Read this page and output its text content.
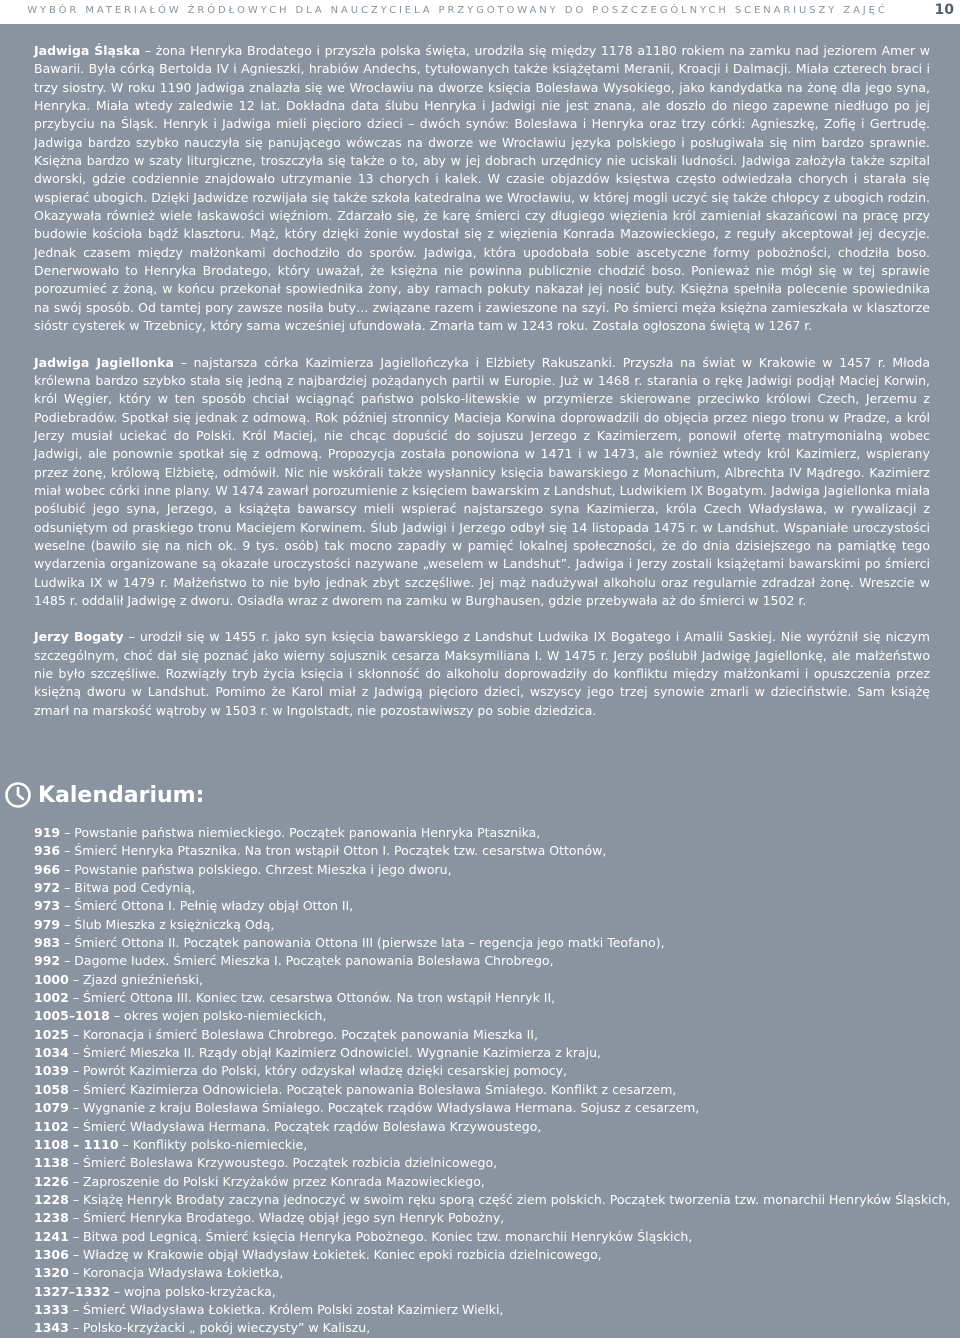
WYBÓR MATERIAŁÓW ŹRÓDŁOWYCH DLA NAUCZYCIELA PRZYGOTOWANY DO POSZCZEGÓLNYCH SCENARIUSZY ZAJĘĆ	10

Jadwiga Śląska – żona Henryka Brodatego i przyszła polska święta, urodziła się między 1178 a1180 rokiem na zamku nad jeziorem Amer w Bawarii. Była córką Bertolda IV i Agnieszki, hrabiów Andechs, tytułowanych także książętami Meranii, Kroacji i Dalmacji. Miała czterech braci i trzy siostry. W roku 1190 Jadwiga znalazła się we Wrocławiu na dworze księcia Bolesława Wysokiego, jako kandydatka na żonę dla jego syna, Henryka. Miała wtedy zaledwie 12 lat. Dokładna data ślubu Henryka i Jadwigi nie jest znana, ale doszło do niego zapewne niedługo po jej przybyciu na Śląsk. Henryk i Jadwiga mieli pięcioro dzieci – dwóch synów: Bolesława i Henryka oraz trzy córki: Agnieszkę, Zofię i Gertrudę. Jadwiga bardzo szybko nauczyła się panującego wówczas na dworze we Wrocławiu języka polskiego i posługiwała się nim bardzo sprawnie. Księżna bardzo w szaty liturgiczne, troszczyła się także o to, aby w jej dobrach urzędnicy nie uciskali ludności. Jadwiga założyła także szpital dworski, gdzie codziennie znajdowało utrzymanie 13 chorych i kalek. W czasie objazdów księstwa często odwiedzała chorych i starała się wspierać ubogich. Dzięki Jadwidze rozwijała się także szkoła katedralna we Wrocławiu, w której mogli uczyć się także chłopcy z ubogich rodzin. Okazywała również wiele łaskawości więźniom. Zdarzało się, że karę śmierci czy długiego więzienia król zamieniał skazańcowi na pracę przy budowie kościoła bądź klasztoru. Mąż, który dzięki żonie wydostał się z więzienia Konrada Mazowieckiego, z reguły akceptował jej decyzje. Jednak czasem między małżonkami dochodziło do sporów. Jadwiga, która upodobała sobie ascetyczne formy pobożności, chodziła boso. Denerwowało to Henryka Brodatego, który uważał, że księżna nie powinna publicznie chodzić boso. Ponieważ nie mógł się w tej sprawie porozumieć z żoną, w końcu przekonał spowiednika żony, aby ramach pokuty nakazał jej nosić buty. Księżna spełniła polecenie spowiednika na swój sposób. Od tamtej pory zawsze nosiła buty… związane razem i zawieszone na szyi. Po śmierci męża księżna zamieszkała w klasztorze sióstr cysterek w Trzebnicy, który sama wcześniej ufundowała. Zmarła tam w 1243 roku. Została ogłoszona świętą w 1267 r.

Jadwiga Jagiellonka – najstarsza córka Kazimierza Jagiellończyka i Elżbiety Rakuszanki. Przyszła na świat w Krakowie w 1457 r. Młoda królewna bardzo szybko stała się jedną z najbardziej pożądanych partii w Europie. Już w 1468 r. starania o rękę Jadwigi podjął Maciej Korwin, król Węgier, który w ten sposób chciał wciągnąć państwo polsko-litewskie w przymierze skierowane przeciwko królowi Czech, Jerzemu z Podiebradów. Spotkał się jednak z odmową. Rok później stronnicy Macieja Korwina doprowadzili do objęcia przez niego tronu w Pradze, a król Jerzy musiał uciekać do Polski. Król Maciej, nie chcąc dopuścić do sojuszu Jerzego z Kazimierzem, ponowił ofertę matrymonialną wobec Jadwigi, ale ponownie spotkał się z odmową. Propozycja została ponowiona w 1471 i w 1473, ale również wtedy król Kazimierz, wspierany przez żonę, królową Elżbietę, odmówił. Nic nie wskórali także wysłannicy księcia bawarskiego z Monachium, Albrechta IV Mądrego. Kazimierz miał wobec córki inne plany. W 1474 zawarł porozumienie z księciem bawarskim z Landshut, Ludwikiem IX Bogatym. Jadwiga Jagiellonka miała poślubić jego syna, Jerzego, a książęta bawarscy mieli wspierać najstarszego syna Kazimierza, króla Czech Władysława, w rywalizacji z odsuniętym od praskiego tronu Maciejem Korwinem. Ślub Jadwigi i Jerzego odbył się 14 listopada 1475 r. w Landshut. Wspaniałe uroczystości weselne (bawiło się na nich ok. 9 tys. osób) tak mocno zapadły w pamięć lokalnej społeczności, że do dnia dzisiejszego na pamiątkę tego wydarzenia organizowane są okazałe uroczystości nazywane „weselem w Landshut”. Jadwiga i Jerzy zostali książętami bawarskimi po śmierci Ludwika IX w 1479 r. Małżeństwo to nie było jednak zbyt szczęśliwe. Jej mąż nadużywał alkoholu oraz regularnie zdradzał żonę. Wreszcie w 1485 r. oddalił Jadwigę z dworu. Osiadła wraz z dworem na zamku w Burghausen, gdzie przebywała aż do śmierci w 1502 r.

Jerzy Bogaty – urodził się w 1455 r. jako syn księcia bawarskiego z Landshut Ludwika IX Bogatego i Amalii Saskiej. Nie wyróżnił się niczym szczególnym, choć dał się poznać jako wierny sojusznik cesarza Maksymiliana I. W 1475 r. Jerzy poślubił Jadwigę Jagiellonkę, ale małżeństwo nie było szczęśliwe. Rozwiązły tryb życia księcia i skłonność do alkoholu doprowadziły do konfliktu między małżonkami i opuszczenia przez księżną dworu w Landshut. Pomimo że Karol miał z Jadwigą pięcioro dzieci, wszyscy jego trzej synowie zmarli w dzieciństwie. Sam książę zmarł na marskość wątroby w 1503 r. w Ingolstadt, nie pozostawiwszy po sobie dziedzica.

Kalendarium:
919 – Powstanie państwa niemieckiego. Początek panowania Henryka Ptasznika,
936 – Śmierć Henryka Ptasznika. Na tron wstąpił Otton I. Początek tzw. cesarstwa Ottonów,
966 – Powstanie państwa polskiego. Chrzest Mieszka i jego dworu,
972 – Bitwa pod Cedynią,
973 – Śmierć Ottona I. Pełnię władzy objął Otton II,
979 – Ślub Mieszka z księżniczką Odą,
983 – Śmierć Ottona II. Początek panowania Ottona III (pierwsze lata – regencja jego matki Teofano),
992 – Dagome Iudex. Śmierć Mieszka I. Początek panowania Bolesława Chrobrego,
1000 – Zjazd gnieźnieński,
1002 – Śmierć Ottona III. Koniec tzw. cesarstwa Ottonów. Na tron wstąpił Henryk II,
1005–1018 – okres wojen polsko-niemieckich,
1025 – Koronacja i śmierć Bolesława Chrobrego. Początek panowania Mieszka II,
1034 – Śmierć Mieszka II. Rządy objął Kazimierz Odnowiciel. Wygnanie Kazimierza z kraju,
1039 – Powrót Kazimierza do Polski, który odzyskał władzę dzięki cesarskiej pomocy,
1058 – Śmierć Kazimierza Odnowiciela. Początek panowania Bolesława Śmiałego. Konflikt z cesarzem,
1079 – Wygnanie z kraju Bolesława Śmiałego. Początek rządów Władysława Hermana. Sojusz z cesarzem,
1102 – Śmierć Władysława Hermana. Początek rządów Bolesława Krzywoustego,
1108 – 1110 – Konflikty polsko-niemieckie,
1138 – Śmierć Bolesława Krzywoustego. Początek rozbicia dzielnicowego,
1226 – Zaproszenie do Polski Krzyżaków przez Konrada Mazowieckiego,
1228 – Książę Henryk Brodaty zaczyna jednoczyć w swoim ręku sporą część ziem polskich. Początek tworzenia tzw. monarchii Henryków Śląskich,
1238 – Śmierć Henryka Brodatego. Władzę objął jego syn Henryk Pobożny,
1241 – Bitwa pod Legnicą. Śmierć księcia Henryka Pobożnego. Koniec tzw. monarchii Henryków Śląskich,
1306 – Władzę w Krakowie objął Władysław Łokietek. Koniec epoki rozbicia dzielnicowego,
1320 – Koronacja Władysława Łokietka,
1327–1332 – wojna polsko-krzyżacka,
1333 – Śmierć Władysława Łokietka. Królem Polski został Kazimierz Wielki,
1343 – Polsko-krzyżacki „ pokój wieczysty” w Kaliszu,
